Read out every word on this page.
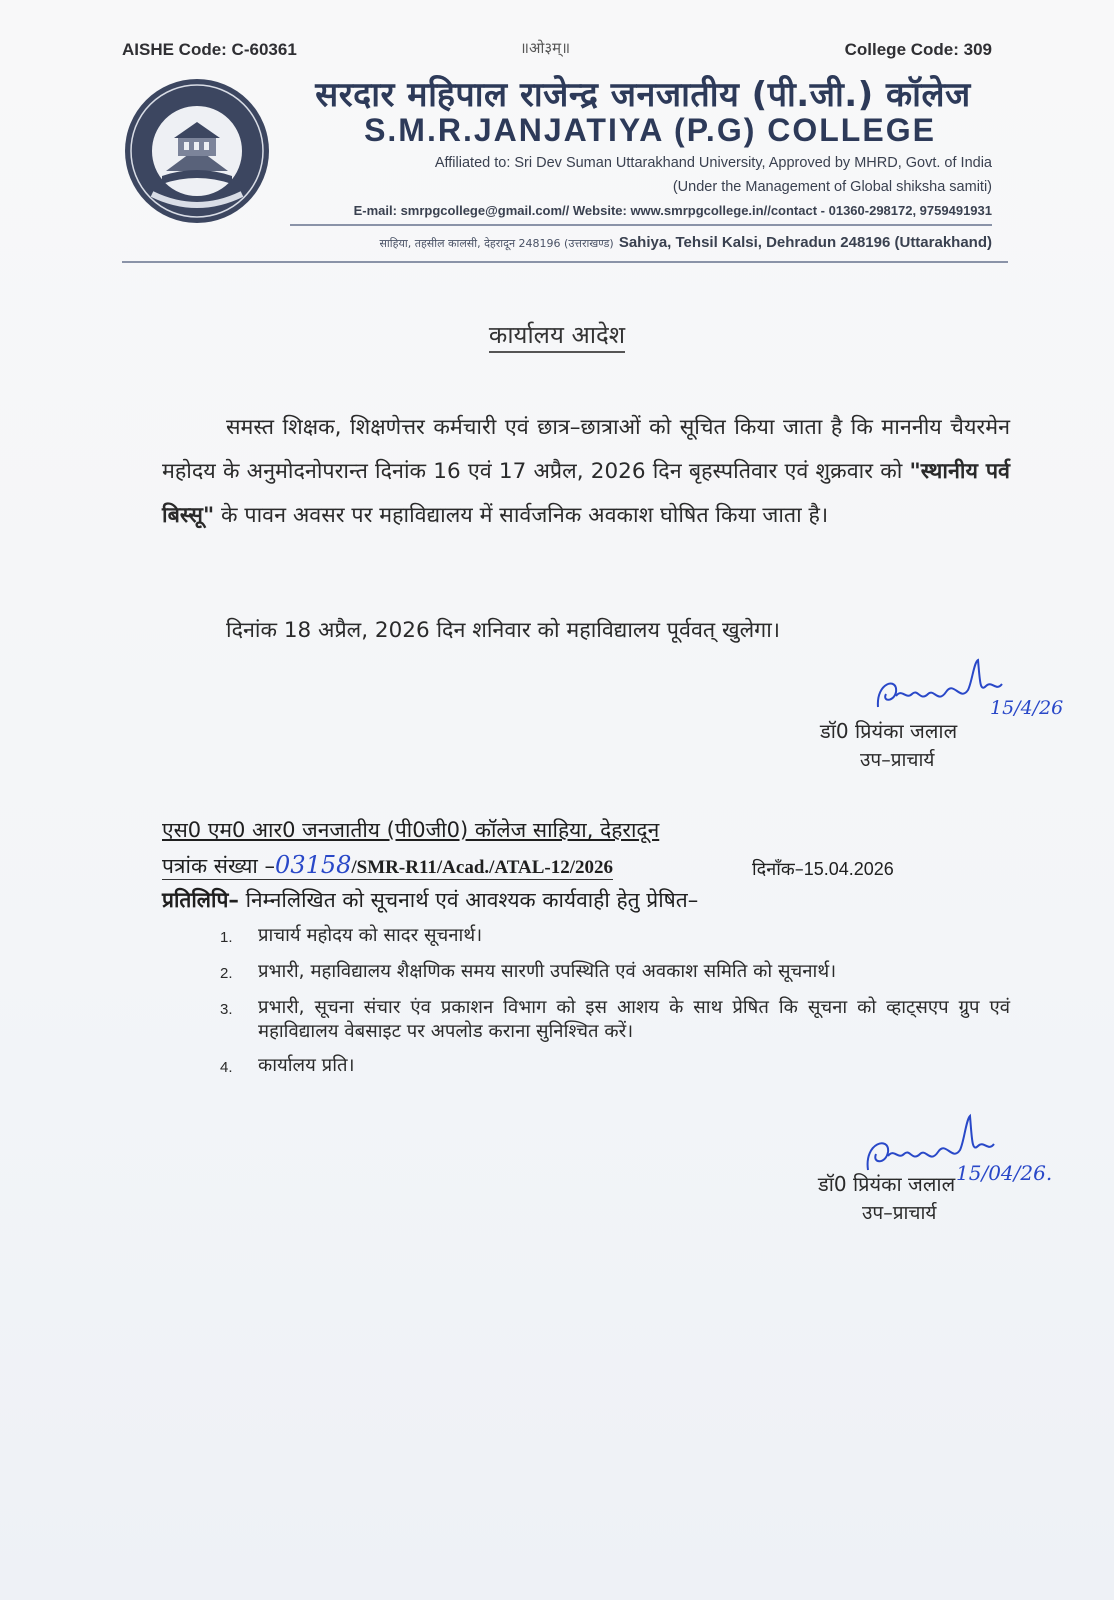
AISHE Code: C-60361	॥ओ३म्॥	College Code: 309
सरदार महिपाल राजेन्द्र जनजातीय (पी.जी.) कॉलेज
S.M.R.JANJATIYA (P.G) COLLEGE
Affiliated to: Sri Dev Suman Uttarakhand University, Approved by MHRD, Govt. of India
(Under the Management of Global shiksha samiti)
E-mail: smrpgcollege@gmail.com// Website: www.smrpgcollege.in//contact - 01360-298172, 9759491931
साहिया, तहसील कालसी, देहरादून 248196 (उत्तराखण्ड) Sahiya, Tehsil Kalsi, Dehradun 248196 (Uttarakhand)
कार्यालय आदेश
समस्त शिक्षक, शिक्षणेत्तर कर्मचारी एवं छात्र–छात्राओं को सूचित किया जाता है कि माननीय चैयरमेन महोदय के अनुमोदनोपरान्त दिनांक 16 एवं 17 अप्रैल, 2026 दिन बृहस्पतिवार एवं शुक्रवार को "स्थानीय पर्व बिस्सू" के पावन अवसर पर महाविद्यालय में सार्वजनिक अवकाश घोषित किया जाता है।
दिनांक 18 अप्रैल, 2026 दिन शनिवार को महाविद्यालय पूर्ववत् खुलेगा।
15/4/26
डॉ0 प्रियंका जलाल
उप–प्राचार्य
एस0 एम0 आर0 जनजातीय (पी0जी0) कॉलेज साहिया, देहरादून
पत्रांक संख्या –03158/SMR-R11/Acad./ATAL-12/2026	दिनाँक–15.04.2026
प्रतिलिपि– निम्नलिखित को सूचनार्थ एवं आवश्यक कार्यवाही हेतु प्रेषित–
1.	प्राचार्य महोदय को सादर सूचनार्थ।
2.	प्रभारी, महाविद्यालय शैक्षणिक समय सारणी उपस्थिति एवं अवकाश समिति को सूचनार्थ।
3.	प्रभारी, सूचना संचार एंव प्रकाशन विभाग को इस आशय के साथ प्रेषित कि सूचना को व्हाट्सएप ग्रुप एवं महाविद्यालय वेबसाइट पर अपलोड कराना सुनिश्चित करें।
4.	कार्यालय प्रति।
15/04/26.
डॉ0 प्रियंका जलाल
उप–प्राचार्य
